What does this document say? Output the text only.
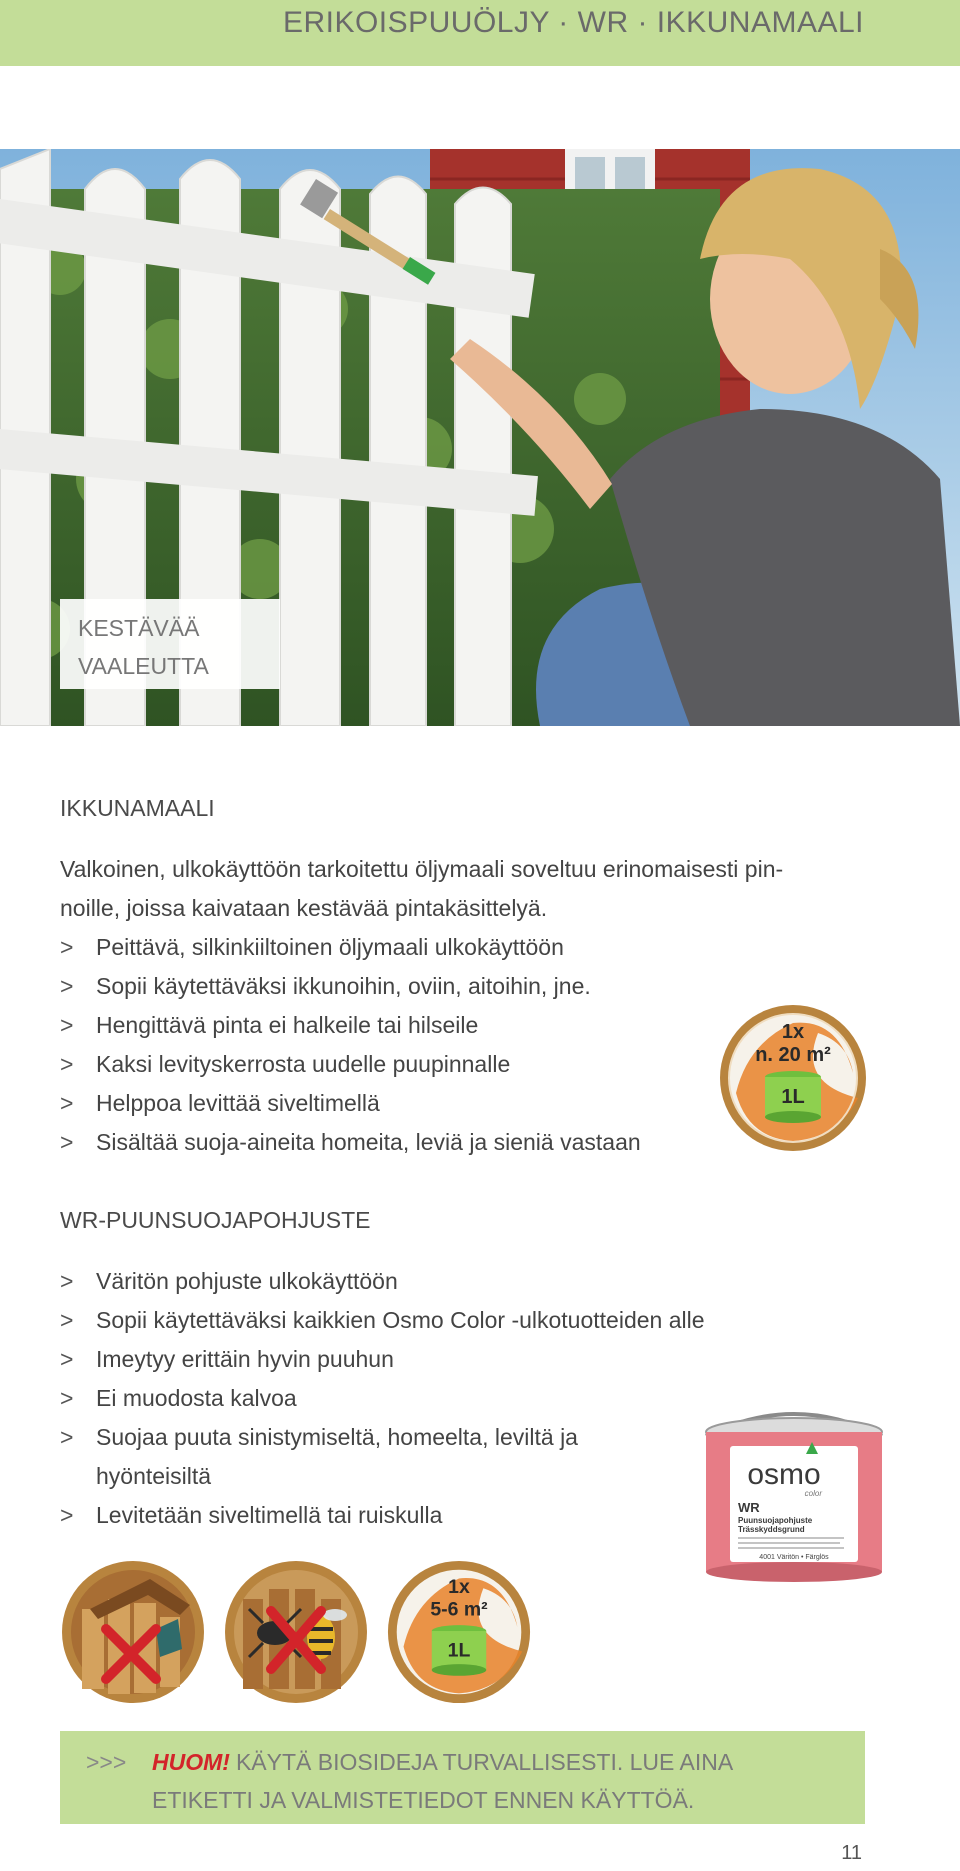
ERIKOISPUUÖLJY · WR · IKKUNAMAALI
KESTÄVÄÄ
VAALEUTTA
IKKUNAMAALI
Valkoinen, ulkokäyttöön tarkoitettu öljymaali soveltuu erinomaisesti pin-
noille, joissa kaivataan kestävää pintakäsittelyä.
> Peittävä, silkinkiiltoinen öljymaali ulkokäyttöön
> Sopii käytettäväksi ikkunoihin, oviin, aitoihin, jne.
> Hengittävä pinta ei halkeile tai hilseile
> Kaksi levityskerrosta uudelle puupinnalle
> Helppoa levittää siveltimellä
> Sisältää suoja-aineita homeita, leviä ja sieniä vastaan
1x
n. 20 m²
1L
WR-PUUNSUOJAPOHJUSTE
> Väritön pohjuste ulkokäyttöön
> Sopii käytettäväksi kaikkien Osmo Color -ulkotuotteiden alle
> Imeytyy erittäin hyvin puuhun
> Ei muodosta kalvoa
> Suojaa puuta sinistymiseltä, homeelta, leviltä ja
hyönteisiltä
> Levitetään siveltimellä tai ruiskulla
osmo
color
WR
Puunsuojapohjuste
Trässkyddsgrund
4001 Väritön • Färglös
1x
5-6 m²
1L
>>>	HUOM! KÄYTÄ BIOSIDEJA TURVALLISESTI. LUE AINA
ETIKETTI JA VALMISTETIEDOT ENNEN KÄYTTÖÄ.
11
